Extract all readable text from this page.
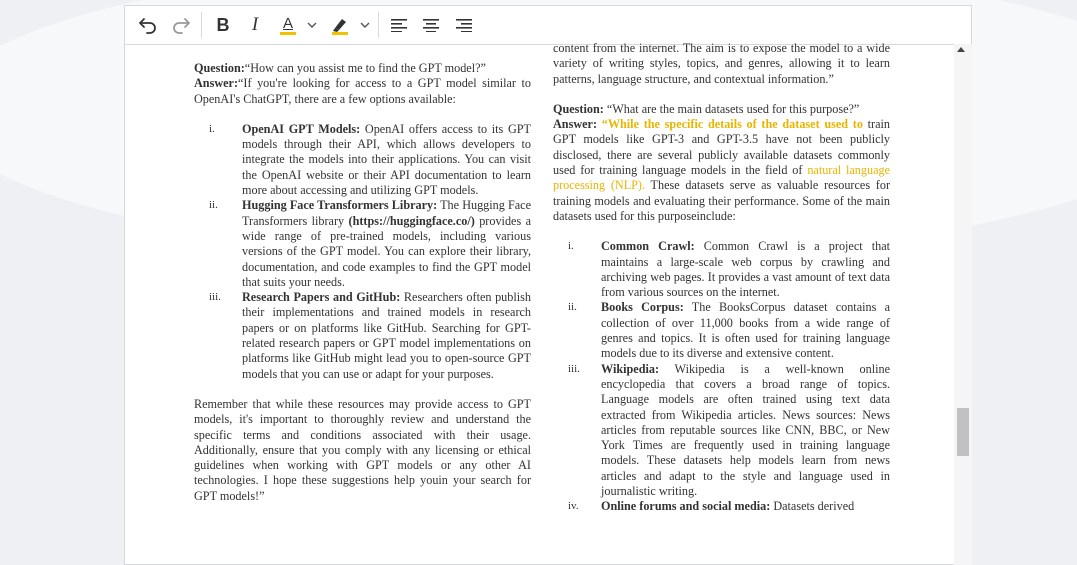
B I A

Question:“How can you assist me to find the GPT model?”

Answer:“If you're looking for access to a GPT model similar to OpenAI's ChatGPT, there are a few options available:

i.	OpenAI GPT Models: OpenAI offers access to its GPT models through their API, which allows developers to integrate the models into their applications. You can visit the OpenAI website or their API documentation to learn more about accessing and utilizing GPT models.
ii.	Hugging Face Transformers Library: The Hugging Face Transformers library (https://huggingface.co/) provides a wide range of pre-trained models, including various versions of the GPT model. You can explore their library, documentation, and code examples to find the GPT model that suits your needs.
iii.	Research Papers and GitHub: Researchers often publish their implementations and trained models in research papers or on platforms like GitHub. Searching for GPT- related research papers or GPT model implementations on platforms like GitHub might lead you to open-source GPT models that you can use or adapt for your purposes.

Remember that while these resources may provide access to GPT models, it's important to thoroughly review and understand the specific terms and conditions associated with their usage. Additionally, ensure that you comply with any licensing or ethical guidelines when working with GPT models or any other AI technologies. I hope these suggestions help youin your search for GPT models!”

content from the internet. The aim is to expose the model to a wide variety of writing styles, topics, and genres, allowing it to learn patterns, language structure, and contextual information.”

Question: “What are the main datasets used for this purpose?”

Answer: “While the specific details of the dataset used to train GPT models like GPT-3 and GPT-3.5 have not been publicly disclosed, there are several publicly available datasets commonly used for training language models in the field of natural language processing (NLP). These datasets serve as valuable resources for training models and evaluating their performance. Some of the main datasets used for this purposeinclude:

i.	Common Crawl: Common Crawl is a project that maintains a large-scale web corpus by crawling and archiving web pages. It provides a vast amount of text data from various sources on the internet.
ii.	Books Corpus: The BooksCorpus dataset contains a collection of over 11,000 books from a wide range of genres and topics. It is often used for training language models due to its diverse and extensive content.
iii.	Wikipedia: Wikipedia is a well-known online encyclopedia that covers a broad range of topics. Language models are often trained using text data extracted from Wikipedia articles. News sources: News articles from reputable sources like CNN, BBC, or New York Times are frequently used in training language models. These datasets help models learn from news articles and adapt to the style and language used in journalistic writing.
iv.	Online forums and social media: Datasets derived
